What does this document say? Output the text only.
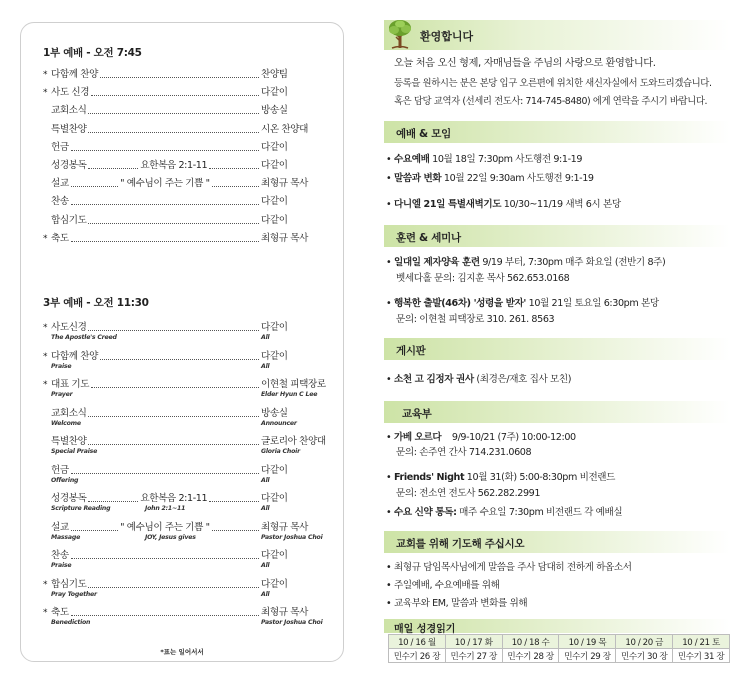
1부 예배 - 오전 7:45
* 다함께 찬양	찬양팀
* 사도 신경	다같이
교회소식	방송실
특별찬양	시온 찬양대
헌금	다같이
성경봉독	요한복음 2:1-11	다같이
설교	" 예수님이 주는 기쁨 "	최형규 목사
찬송	다같이
합심기도	다같이
* 축도	최형규 목사
3부 예배 - 오전 11:30
* 사도신경	다같이
The Apostle's Creed	All
* 다함께 찬양	다같이
Praise	All
* 대표 기도	이현철 피택장로
Prayer	Elder Hyun C Lee
교회소식	방송실
Welcome	Announcer
특별찬양	글로리아 찬양대
Special Praise	Gloria Choir
헌금	다같이
Offering	All
성경봉독	요한복음 2:1-11	다같이
Scripture Reading	John 2:1~11	All
설교	" 예수님이 주는 기쁨 "	최형규 목사
Massage	JOY, Jesus gives	Pastor Joshua Choi
찬송	다같이
Praise	All
* 합심기도	다같이
Pray Together	All
* 축도	최형규 목사
Benediction	Pastor Joshua Choi
*표는 일어서서
환영합니다
오늘 처음 오신 형제, 자매님들을 주님의 사랑으로 환영합니다.
등록을 원하시는 분은 본당 입구 오른편에 위치한 새신자실에서 도와드리겠습니다.
혹은 담당 교역자 (선세리 전도사: 714-745-8480) 에게 연락을 주시기 바랍니다.
예배 & 모임
• 수요예배 10월 18일 7:30pm 사도행전 9:1-19
• 말씀과 변화 10월 22일 9:30am 사도행전 9:1-19
• 다니엘 21일 특별새벽기도 10/30~11/19 새벽 6시 본당
훈련 & 세미나
• 일대일 제자양육 훈련 9/19 부터, 7:30pm 매주 화요일 (전반기 8주)
벳세다홀 문의: 김지훈 목사 562.653.0168
• 행복한 출발(46차) '성령을 받자' 10월 21일 토요일 6:30pm 본당
문의: 이현철 피택장로 310. 261. 8563
게시판
• 소천 고 김정자 권사 (최경은/재호 집사 모친)
교육부
• 가베 오르다    9/9-10/21 (7주) 10:00-12:00
문의: 손주연 간사 714.231.0608
• Friends' Night 10월 31(화) 5:00-8:30pm 비전랜드
문의: 전소연 전도사 562.282.2991
• 수요 신약 통독: 매주 수요일 7:30pm 비전랜드 각 예배실
교회를 위해 기도해 주십시오
• 최형규 담임목사님에게 말씀을 주사 담대히 전하게 하옵소서
• 주일예배, 수요예배를 위해
• 교육부와 EM, 말씀과 변화를 위해
매일 성경읽기
10 / 16 월	10 / 17 화	10 / 18 수	10 / 19 목	10 / 20 금	10 / 21 토
민수기 26 장	민수기 27 장	민수기 28 장	민수기 29 장	민수기 30 장	민수기 31 장
